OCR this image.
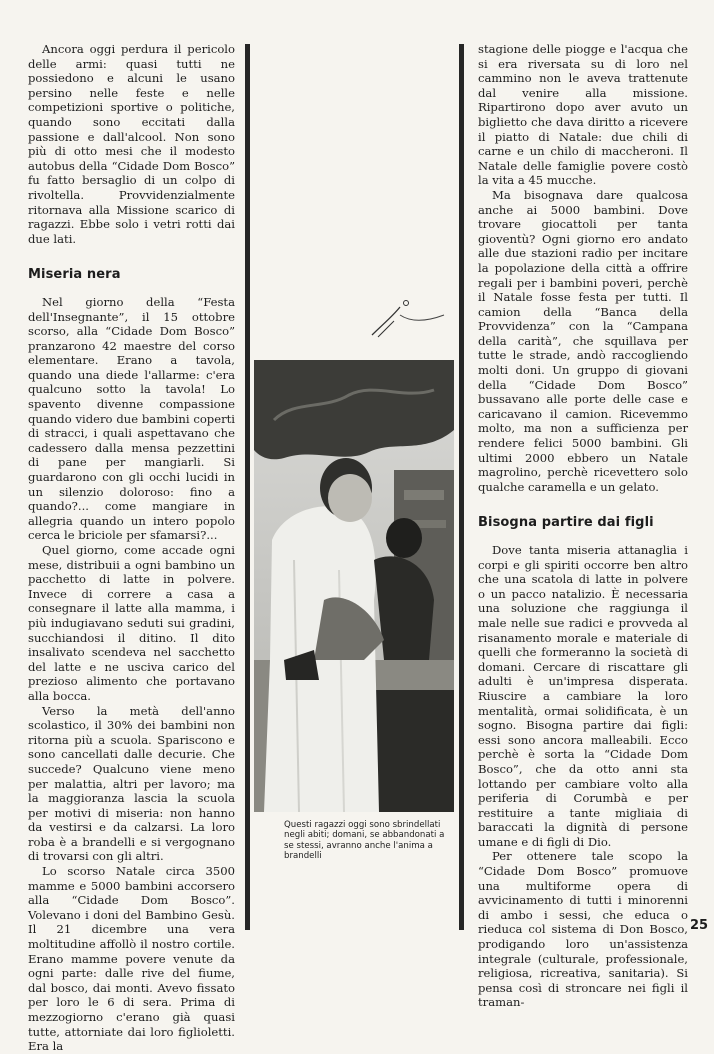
Ancora oggi perdura il pericolo delle armi: quasi tutti ne possiedono e alcuni le usano persino nelle feste e nelle competizioni sportive o politiche, quando sono eccitati dalla passione e dall'alcool. Non sono più di otto mesi che il modesto autobus della “Cidade Dom Bosco” fu fatto bersaglio di un colpo di rivoltella. Provvidenzialmente ritornava alla Missione scarico di ragazzi. Ebbe solo i vetri rotti dai due lati.

Miseria nera

Nel giorno della “Festa dell'Insegnante”, il 15 ottobre scorso, alla “Cidade Dom Bosco” pranzarono 42 maestre del corso elementare. Erano a tavola, quando una diede l'allarme: c'era qualcuno sotto la tavola! Lo spavento divenne compassione quando videro due bambini coperti di stracci, i quali aspettavano che cadessero dalla mensa pezzettini di pane per mangiarli. Si guardarono con gli occhi lucidi in un silenzio doloroso: fino a quando?... come mangiare in allegria quando un intero popolo cerca le briciole per sfamarsi?...

Quel giorno, come accade ogni mese, distribuii a ogni bambino un pacchetto di latte in polvere. Invece di correre a casa a consegnare il latte alla mamma, i più indugiavano seduti sui gradini, succhiandosi il ditino. Il dito insalivato scendeva nel sacchetto del latte e ne usciva carico del prezioso alimento che portavano alla bocca.

Verso la metà dell'anno scolastico, il 30% dei bambini non ritorna più a scuola. Spariscono e sono cancellati dalle decurie. Che succede? Qualcuno viene meno per malattia, altri per lavoro; ma la maggioranza lascia la scuola per motivi di miseria: non hanno da vestirsi e da calzarsi. La loro roba è a brandelli e si vergognano di trovarsi con gli altri.

Lo scorso Natale circa 3500 mamme e 5000 bambini accorsero alla “Cidade Dom Bosco”. Volevano i doni del Bambino Gesù. Il 21 dicembre una vera moltitudine affollò il nostro cortile. Erano mamme povere venute da ogni parte: dalle rive del fiume, dal bosco, dai monti. Avevo fissato per loro le 6 di sera. Prima di mezzogiorno c'erano già quasi tutte, attorniate dai loro figlioletti. Era la

Questi ragazzi oggi sono sbrindellati negli abiti; domani, se abbandonati a se stessi, avranno anche l'anima a brandelli

stagione delle piogge e l'acqua che si era riversata su di loro nel cammino non le aveva trattenute dal venire alla missione. Ripartirono dopo aver avuto un biglietto che dava diritto a ricevere il piatto di Natale: due chili di carne e un chilo di maccheroni. Il Natale delle famiglie povere costò la vita a 45 mucche.

Ma bisognava dare qualcosa anche ai 5000 bambini. Dove trovare giocattoli per tanta gioventù? Ogni giorno ero andato alle due stazioni radio per incitare la popolazione della città a offrire regali per i bambini poveri, perchè il Natale fosse festa per tutti. Il camion della “Banca della Provvidenza” con la “Campana della carità”, che squillava per tutte le strade, andò raccogliendo molti doni. Un gruppo di giovani della “Cidade Dom Bosco” bussavano alle porte delle case e caricavano il camion. Ricevemmo molto, ma non a sufficienza per rendere felici 5000 bambini. Gli ultimi 2000 ebbero un Natale magrolino, perchè ricevettero solo qualche caramella e un gelato.

Bisogna partire dai figli

Dove tanta miseria attanaglia i corpi e gli spiriti occorre ben altro che una scatola di latte in polvere o un pacco natalizio. È necessaria una soluzione che raggiunga il male nelle sue radici e provveda al risanamento morale e materiale di quelli che formeranno la società di domani. Cercare di riscattare gli adulti è un'impresa disperata. Riuscire a cambiare la loro mentalità, ormai solidificata, è un sogno. Bisogna partire dai figli: essi sono ancora malleabili. Ecco perchè è sorta la “Cidade Dom Bosco”, che da otto anni sta lottando per cambiare volto alla periferia di Corumbà e per restituire a tante migliaia di baraccati la dignità di persone umane e di figli di Dio.

Per ottenere tale scopo la “Cidade Dom Bosco” promuove una multiforme opera di avvicinamento di tutti i minorenni di ambo i sessi, che educa o rieduca col sistema di Don Bosco, prodigando loro un'assistenza integrale (culturale, professionale, religiosa, ricreativa, sanitaria). Si pensa così di stroncare nei figli il traman-

25
